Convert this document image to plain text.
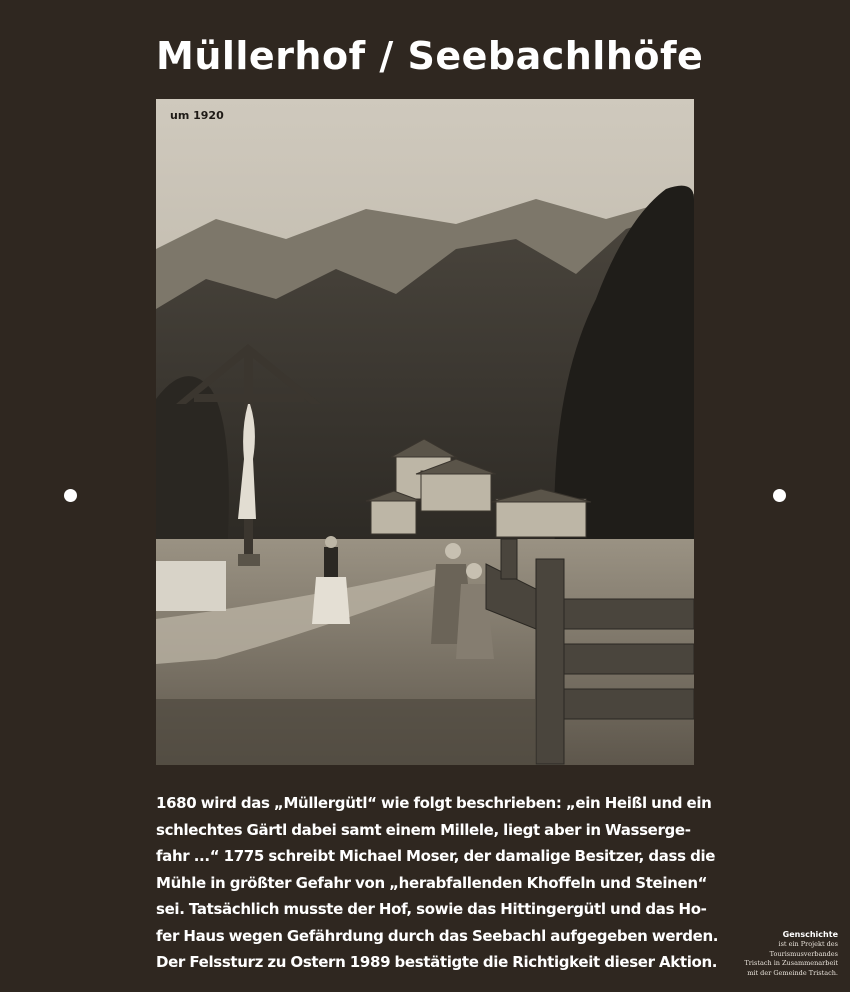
Müllerhof / Seebachlhöfe
um 1920

1680 wird das „Müllergütl“ wie folgt beschrieben: „ein Heißl und ein
schlechtes Gärtl dabei samt einem Millele, liegt aber in Wasserge-
fahr ...“ 1775 schreibt Michael Moser, der damalige Besitzer, dass die
Mühle in größter Gefahr von „herabfallenden Khoffeln und Steinen“
sei. Tatsächlich musste der Hof, sowie das Hittingergütl und das Ho-
fer Haus wegen Gefährdung durch das Seebachl aufgegeben werden.
Der Felssturz zu Ostern 1989 bestätigte die Richtigkeit dieser Aktion.

Genschichte
ist ein Projekt des
Tourismusverbandes
Tristach in Zusammenarbeit
mit der Gemeinde Tristach.
